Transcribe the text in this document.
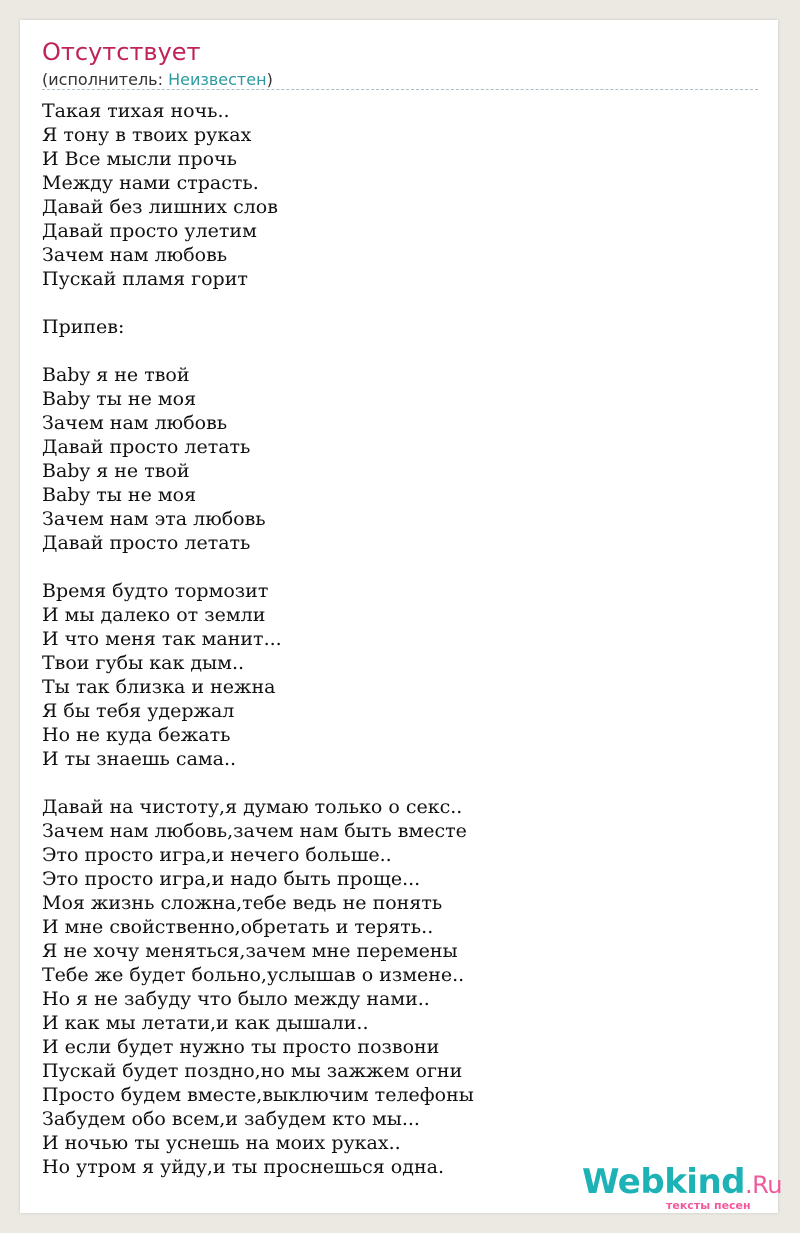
Отсутствует
(исполнитель: Неизвестен)
Такая тихая ночь..
Я тону в твоих руках
И Все мысли прочь
Между нами страсть.
Давай без лишних слов
Давай просто улетим
Зачем нам любовь
Пускай пламя горит
Припев:
Baby я не твой
Baby ты не моя
Зачем нам любовь
Давай просто летать
Baby я не твой
Baby ты не моя
Зачем нам эта любовь
Давай просто летать
Время будто тормозит
И мы далеко от земли
И что меня так манит...
Твои губы как дым..
Ты так близка и нежна
Я бы тебя удержал
Но не куда бежать
И ты знаешь сама..
Давай на чистоту,я думаю только о секс..
Зачем нам любовь,зачем нам быть вместе
Это просто игра,и нечего больше..
Это просто игра,и надо быть проще...
Моя жизнь сложна,тебе ведь не понять
И мне свойственно,обретать и терять..
Я не хочу меняться,зачем мне перемены
Тебе же будет больно,услышав о измене..
Но я не забуду что было между нами..
И как мы летати,и как дышали..
И если будет нужно ты просто позвони
Пускай будет поздно,но мы зажжем огни
Просто будем вместе,выключим телефоны
Забудем обо всем,и забудем кто мы...
И ночью ты уснешь на моих руках..
Но утром я уйду,и ты проснешься одна.	Webkind.Ru
тексты песен
